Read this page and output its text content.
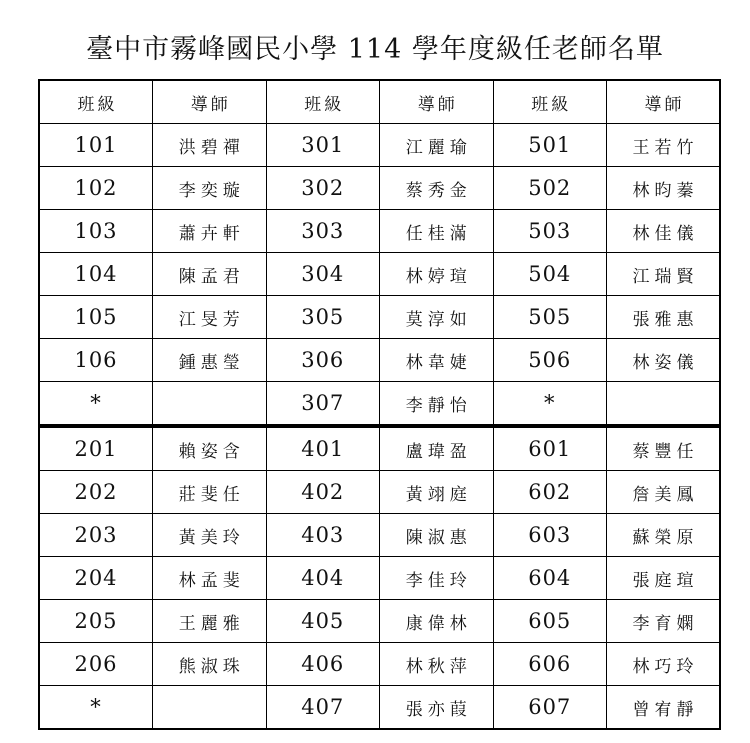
臺中市霧峰國民小學 114 學年度級任老師名單
班級	導師	班級	導師	班級	導師
101	洪碧禪	301	江麗瑜	501	王若竹
102	李奕璇	302	蔡秀金	502	林昀蓁
103	蕭卉軒	303	任桂滿	503	林佳儀
104	陳孟君	304	林婷瑄	504	江瑞賢
105	江旻芳	305	莫淳如	505	張雅惠
106	鍾惠瑩	306	林韋婕	506	林姿儀
*		307	李靜怡	*	
201	賴姿含	401	盧瑋盈	601	蔡豐任
202	莊斐任	402	黃翊庭	602	詹美鳳
203	黃美玲	403	陳淑惠	603	蘇榮原
204	林孟斐	404	李佳玲	604	張庭瑄
205	王麗雅	405	康偉林	605	李育嫻
206	熊淑珠	406	林秋萍	606	林巧玲
*		407	張亦葭	607	曾宥靜
